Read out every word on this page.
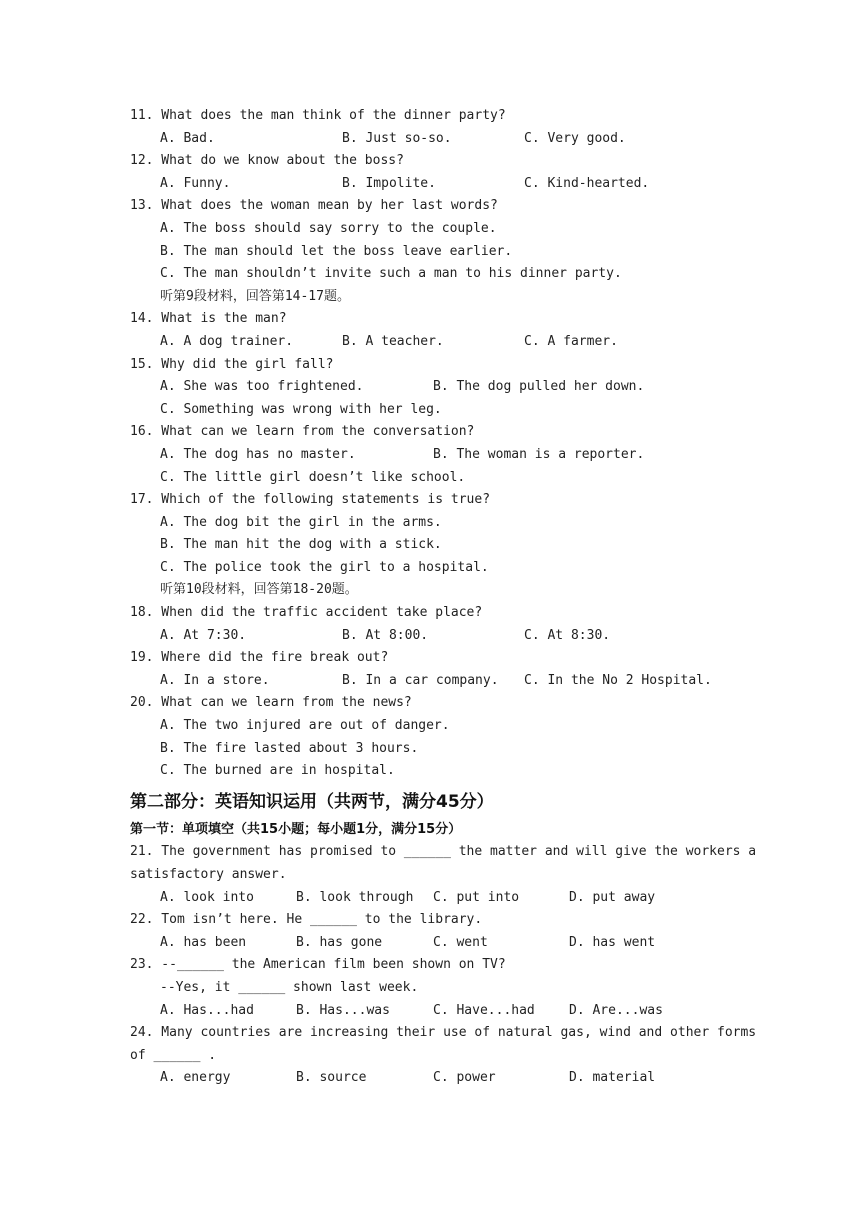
11. What does the man think of the dinner party?

A. Bad.

	B. Just so-so.

	C. Very good.

12. What do we know about the boss?

A. Funny.

	B. Impolite.

	C. Kind-hearted.

13. What does the woman mean by her last words?
A. The boss should say sorry to the couple.
B. The man should let the boss leave earlier.
C. The man shouldn’t invite such a man to his dinner party.
听第9段材料，回答第14-17题。
14. What is the man?

A. A dog trainer.

	B. A teacher.

	C. A farmer.

15. Why did the girl fall?

A. She was too frightened.

	B. The dog pulled her down.

C. Something was wrong with her leg.
16. What can we learn from the conversation?

A. The dog has no master.

	B. The woman is a reporter.

C. The little girl doesn’t like school.
17. Which of the following statements is true?
A. The dog bit the girl in the arms.
B. The man hit the dog with a stick.
C. The police took the girl to a hospital.
听第10段材料，回答第18-20题。
18. When did the traffic accident take place?

A. At 7:30.

	B. At 8:00.

	C. At 8:30.

19. Where did the fire break out?

A. In a store.

	B. In a car company.

C. In the No 2 Hospital.

20. What can we learn from the news?
A. The two injured are out of danger.
B. The fire lasted about 3 hours.
C. The burned are in hospital.
第二部分：英语知识运用（共两节，满分45分）
第一节：单项填空（共15小题；每小题1分，满分15分）
21. The government has promised to ______ the matter and will give the workers a
satisfactory answer.

A. look into

	B. look through

C. put into

	D. put away

22. Tom isn’t here. He ______ to the library.

A. has been

	B. has gone

	C. went

	D. has went

23. --______ the American film been shown on TV?
--Yes, it ______ shown last week.

A. Has...had

	B. Has...was

	C. Have...had

	D. Are...was

24. Many countries are increasing their use of natural gas, wind and other forms
of ______ .

A. energy

	B. source

	C. power

	D. material
